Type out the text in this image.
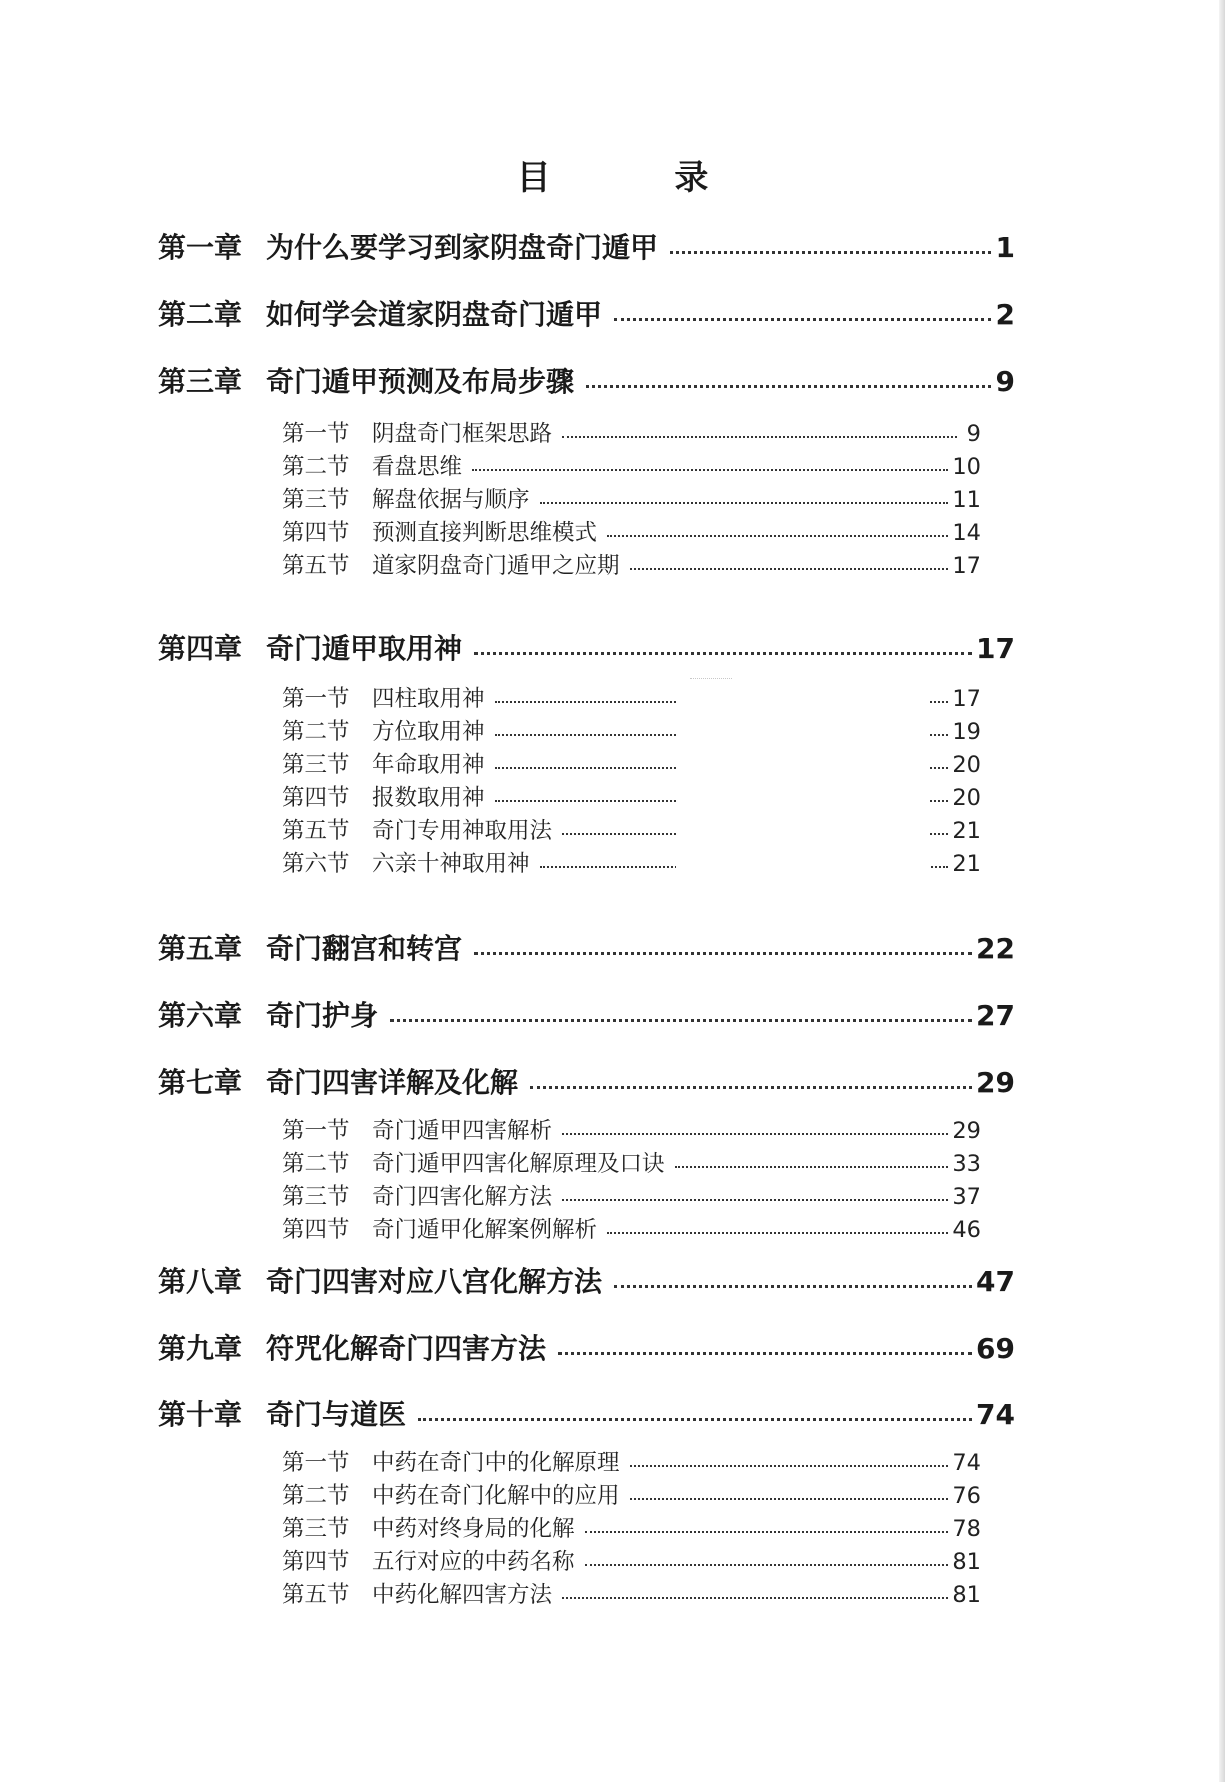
目 录
第一章 为什么要学习到家阴盘奇门遁甲	1
第二章 如何学会道家阴盘奇门遁甲	2
第三章 奇门遁甲预测及布局步骤	9
第一节 阴盘奇门框架思路	9
第二节 看盘思维	10
第三节 解盘依据与顺序	11
第四节 预测直接判断思维模式	14
第五节 道家阴盘奇门遁甲之应期	17
第四章 奇门遁甲取用神	17
第一节 四柱取用神	17
第二节 方位取用神	19
第三节 年命取用神	20
第四节 报数取用神	20
第五节 奇门专用神取用法	21
第六节 六亲十神取用神	21
第五章 奇门翻宫和转宫	22
第六章 奇门护身	27
第七章 奇门四害详解及化解	29
第一节 奇门遁甲四害解析	29
第二节 奇门遁甲四害化解原理及口诀	33
第三节 奇门四害化解方法	37
第四节 奇门遁甲化解案例解析	46
第八章 奇门四害对应八宫化解方法	47
第九章 符咒化解奇门四害方法	69
第十章 奇门与道医	74
第一节 中药在奇门中的化解原理	74
第二节 中药在奇门化解中的应用	76
第三节 中药对终身局的化解	78
第四节 五行对应的中药名称	81
第五节 中药化解四害方法	81
